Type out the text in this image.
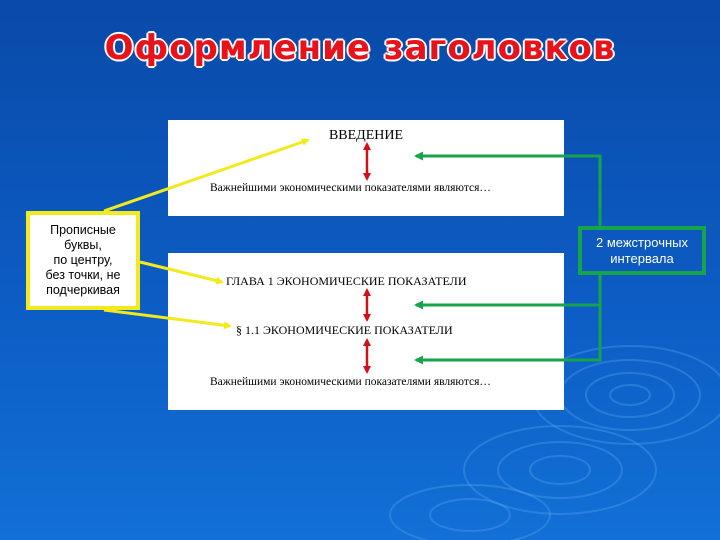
Оформление заголовков
ВВЕДЕНИЕ
Важнейшими экономическими показателями являются…
ГЛАВА 1 ЭКОНОМИЧЕСКИЕ ПОКАЗАТЕЛИ
§ 1.1 ЭКОНОМИЧЕСКИЕ ПОКАЗАТЕЛИ
Важнейшими экономическими показателями являются…
Прописные
буквы,
по центру,
без точки, не
подчеркивая
2 межстрочных
интервала
